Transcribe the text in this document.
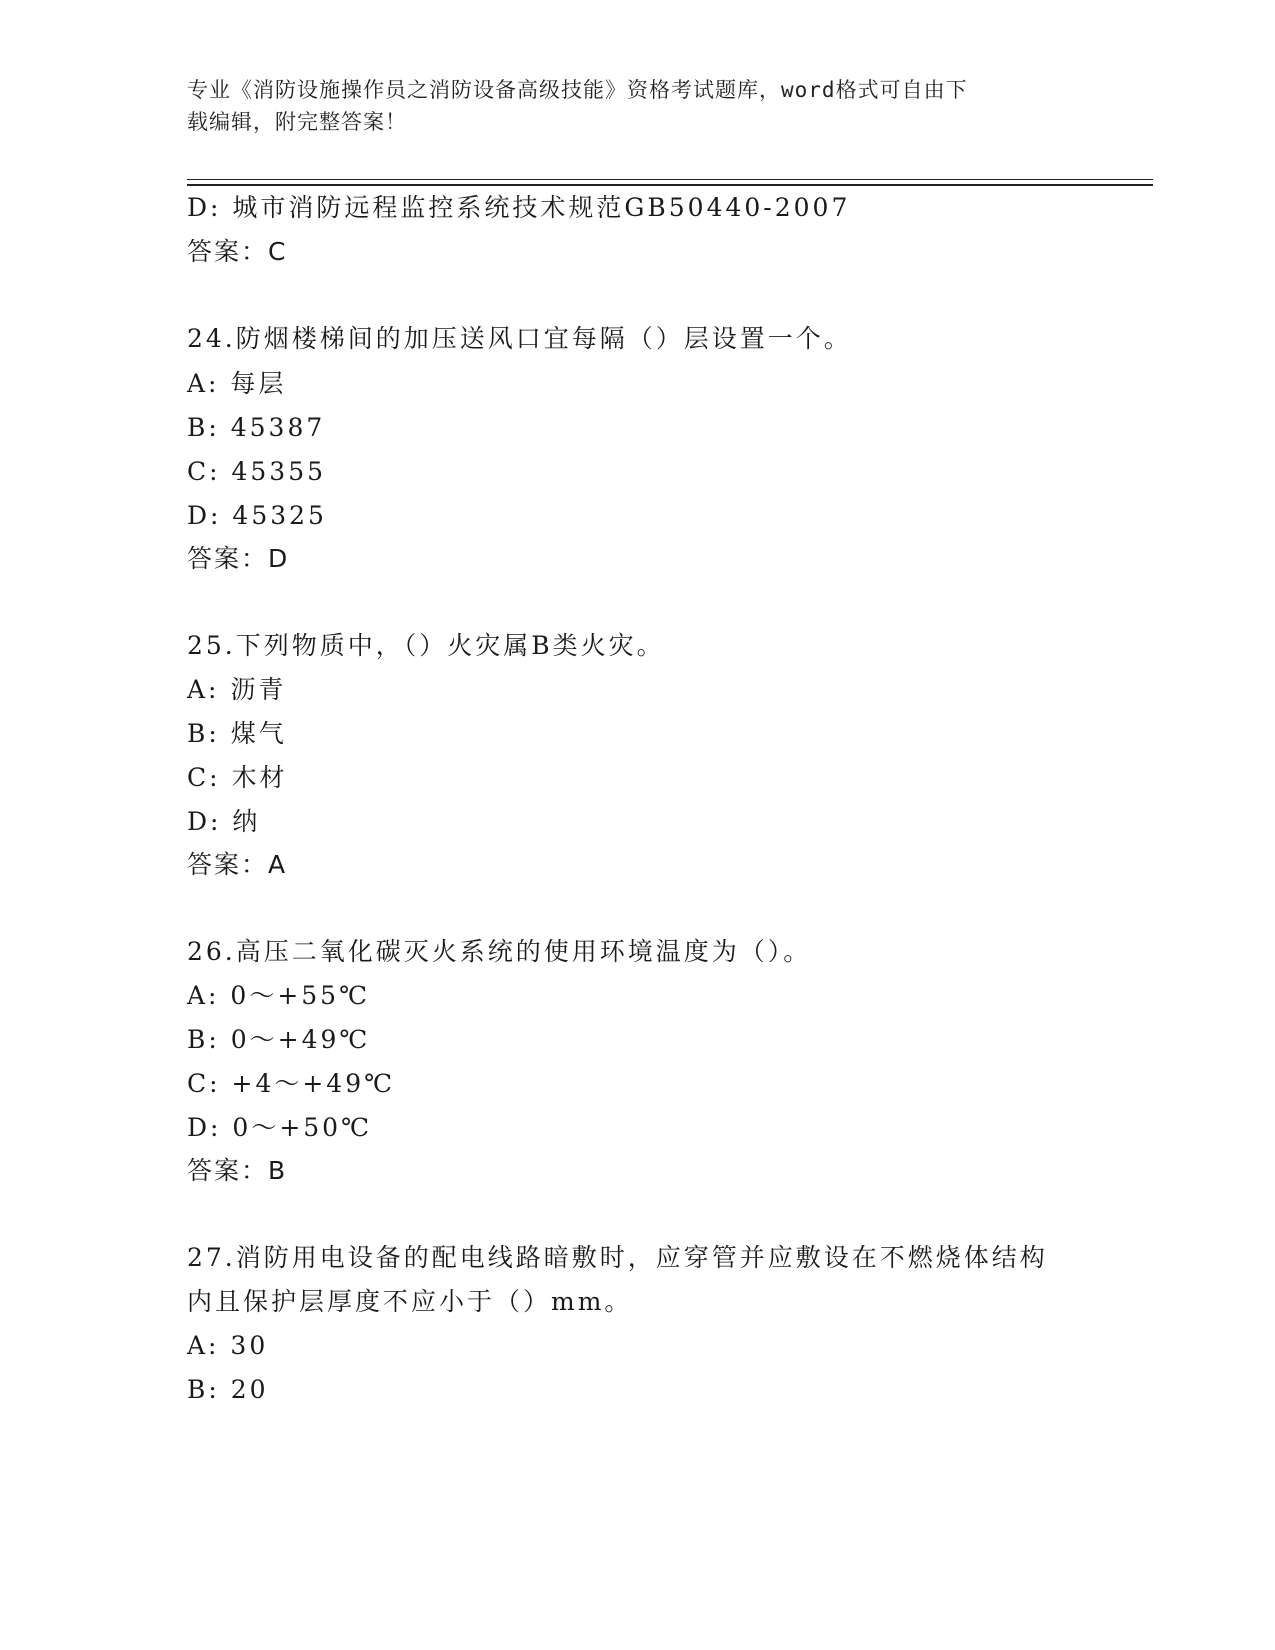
专业《消防设施操作员之消防设备高级技能》资格考试题库，word格式可自由下
载编辑，附完整答案！
D: 城市消防远程监控系统技术规范GB50440-2007
答案：C
24.防烟楼梯间的加压送风口宜每隔（）层设置一个。
A: 每层
B: 45387
C: 45355
D: 45325
答案：D
25.下列物质中，（）火灾属B类火灾。
A: 沥青
B: 煤气
C: 木材
D: 纳
答案：A
26.高压二氧化碳灭火系统的使用环境温度为（）。
A: 0～+55℃
B: 0～+49℃
C: +4～+49℃
D: 0～+50℃
答案：B
27.消防用电设备的配电线路暗敷时，应穿管并应敷设在不燃烧体结构
内且保护层厚度不应小于（）mm。
A: 30
B: 20
